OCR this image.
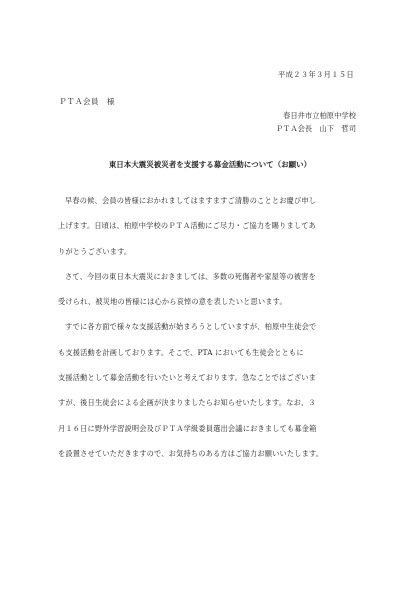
平成２３年３月１５日
ＰＴＡ会員　様
春日井市立柏原中学校
ＰＴＡ会長　山下　哲司
東日本大震災被災者を支援する募金活動について（お願い）

早春の候、会員の皆様におかれましてはますますご清勝のこととお慶び申し

上げます。日頃は、柏原中学校のＰＴＡ活動にご尽力・ご協力を賜りましてあ

りがとうございます。

さて、今回の東日本大震災におきましては、多数の死傷者や家屋等の被害を

受けられ、被災地の皆様には心から哀悼の意を表したいと思います。

すでに各方面で様々な支援活動が始まろうとしていますが、柏原中生徒会で

も支援活動を計画しております。そこで、PTA においても生徒会とともに

支援活動として募金活動を行いたいと考えております。急なことではございま

すが、後日生徒会による企画が決まりましたらお知らせいたします。なお、３

月１６日に野外学習説明会及びＰＴＡ学級委員選出会議におきましても募金箱

を設置させていただきますので、お気持ちのある方はご協力お願いいたします。
